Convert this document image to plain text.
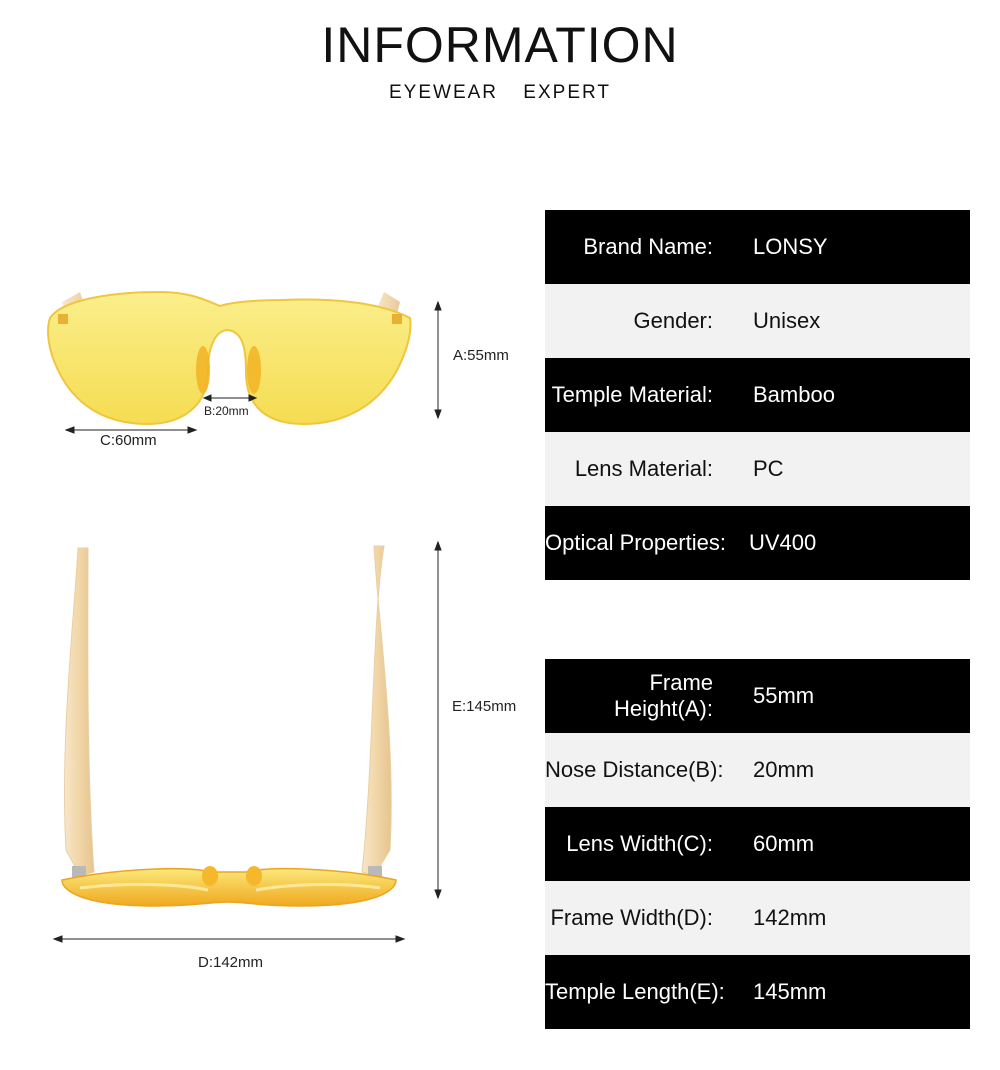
INFORMATION
EYEWEAR EXPERT
A:55mm
B:20mm
C:60mm
E:145mm
D:142mm
Brand Name:	LONSY
Gender:	Unisex
Temple Material:	Bamboo
Lens Material:	PC
Optical Properties:	UV400
Frame Height(A):
55mm
Nose Distance(B):	20mm
Lens Width(C):	60mm
Frame Width(D):	142mm
Temple Length(E):	145mm
